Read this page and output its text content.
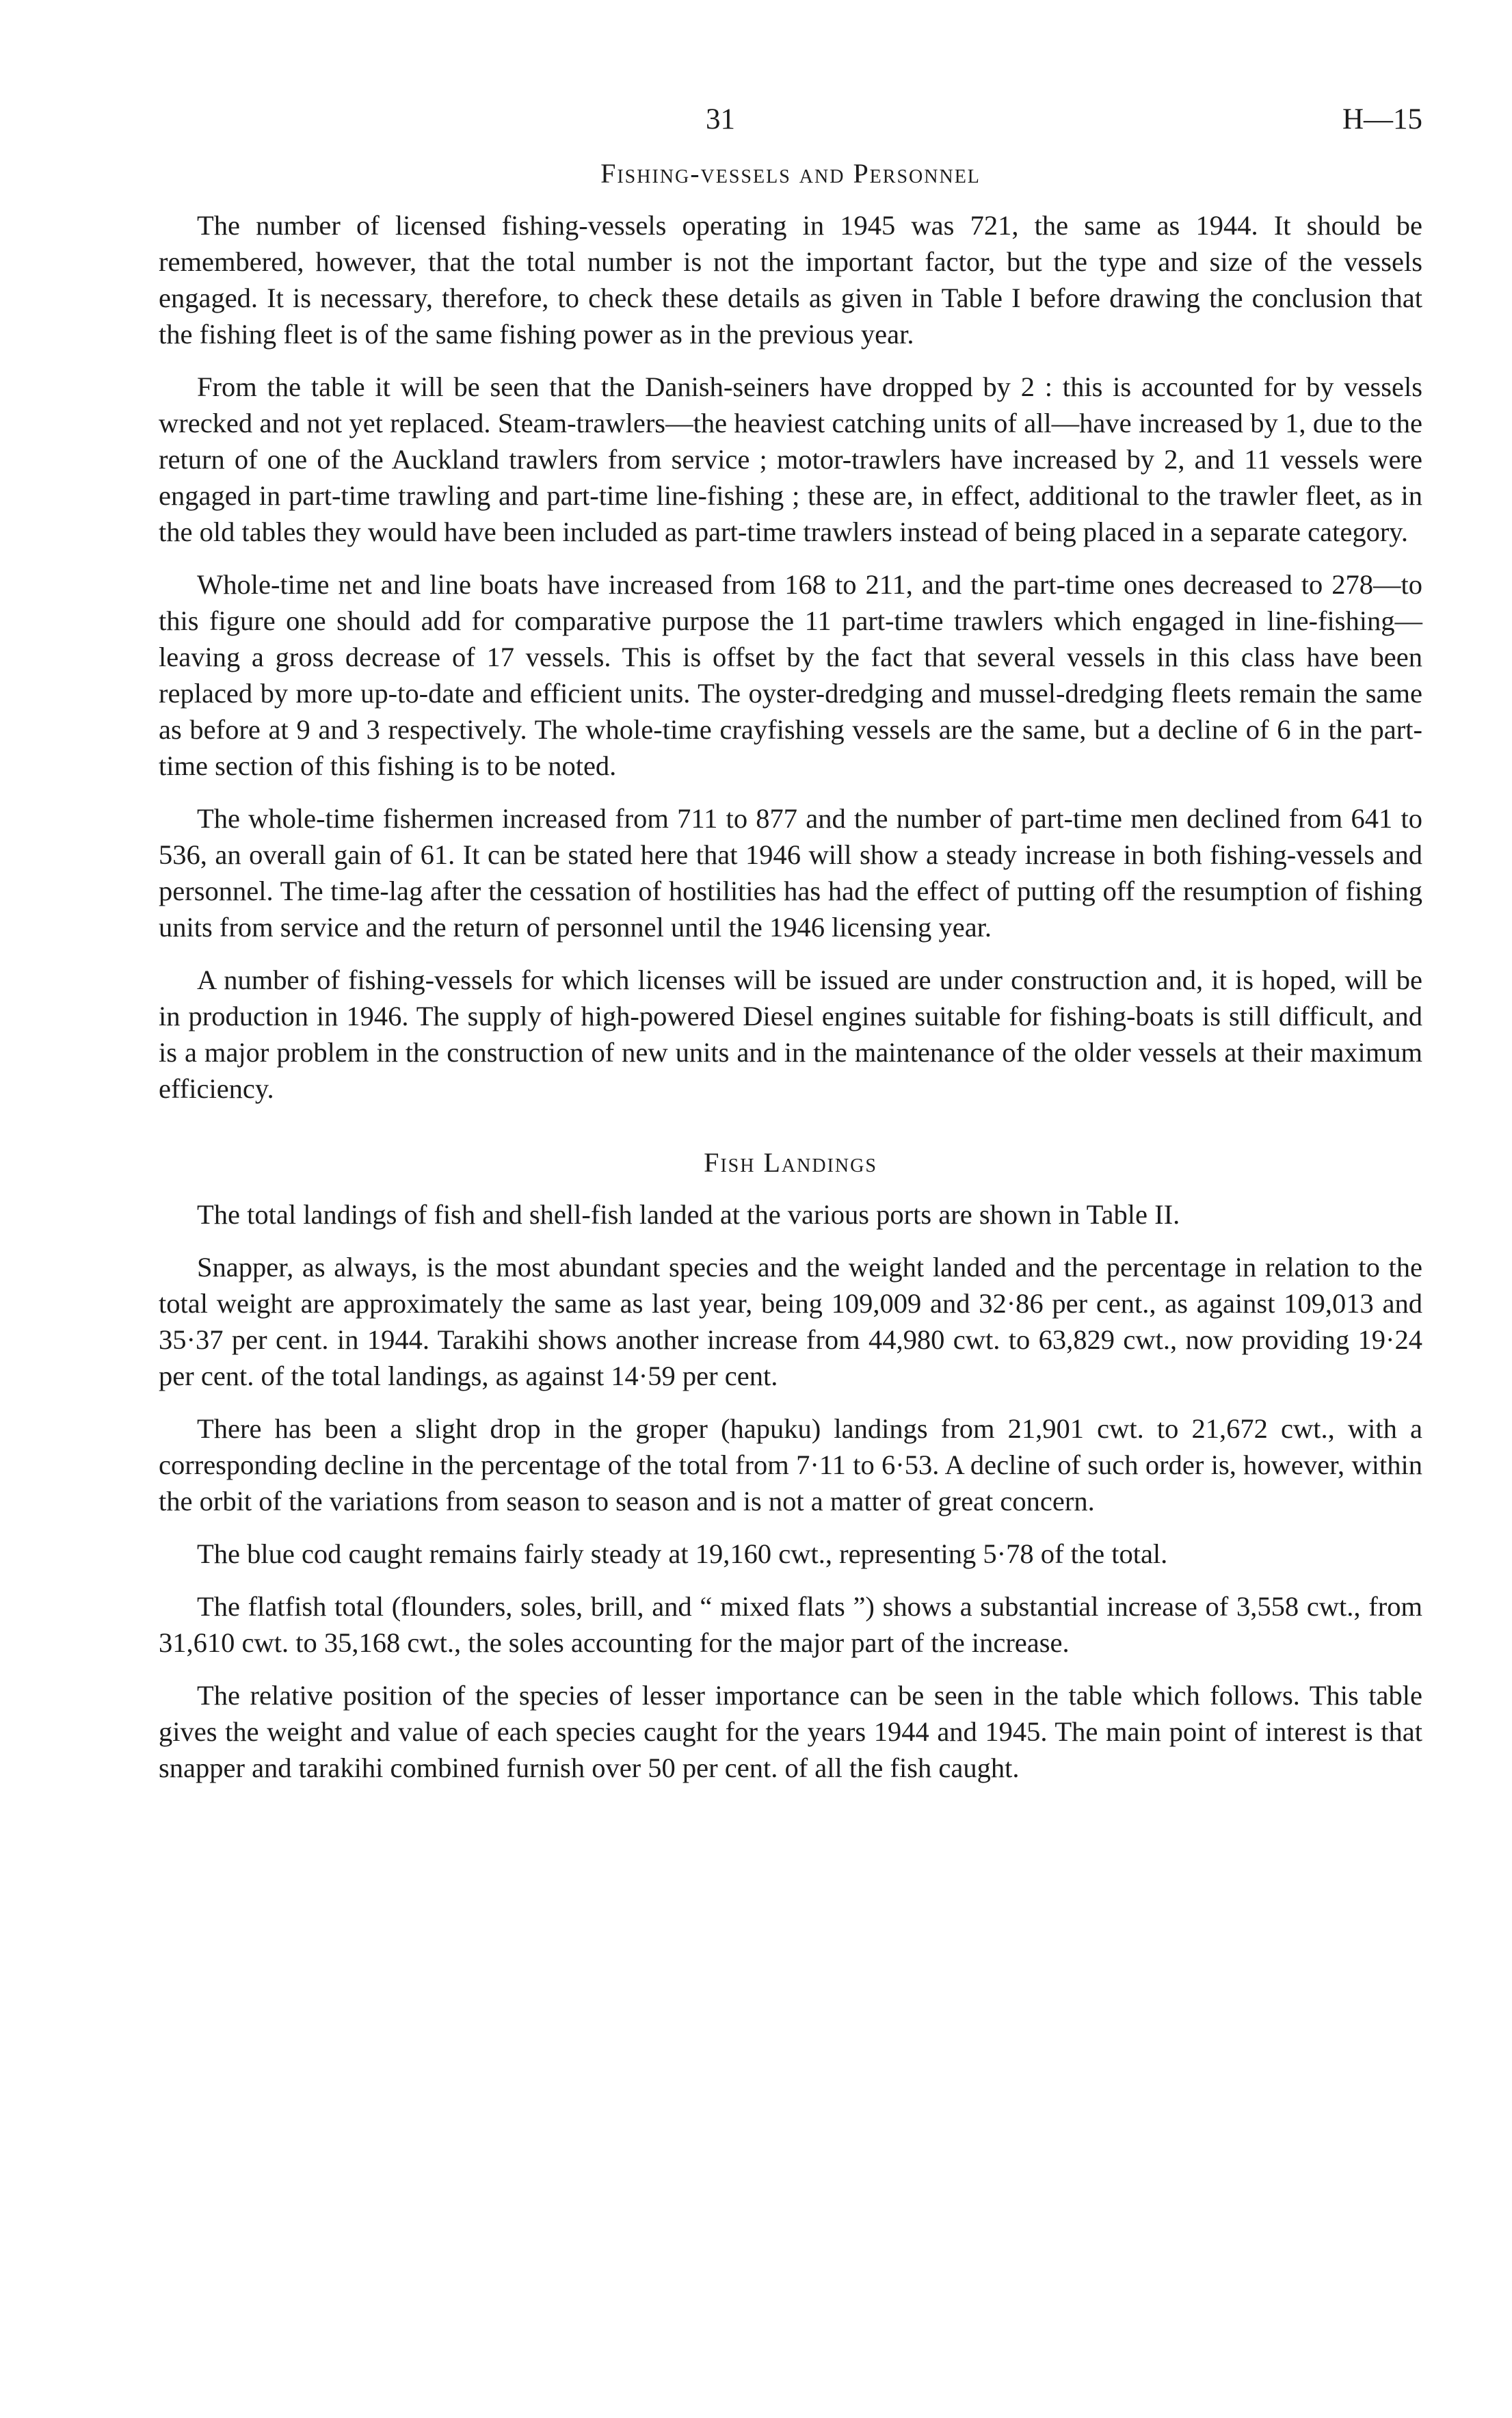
31	H—15
Fishing-vessels and Personnel

The number of licensed fishing-vessels operating in 1945 was 721, the same as 1944. It should be remembered, however, that the total number is not the important factor, but the type and size of the vessels engaged. It is necessary, therefore, to check these details as given in Table I before drawing the conclusion that the fishing fleet is of the same fishing power as in the previous year.

From the table it will be seen that the Danish-seiners have dropped by 2 : this is accounted for by vessels wrecked and not yet replaced. Steam-trawlers—the heaviest catching units of all—have increased by 1, due to the return of one of the Auckland trawlers from service ; motor-trawlers have increased by 2, and 11 vessels were engaged in part-time trawling and part-time line-fishing ; these are, in effect, additional to the trawler fleet, as in the old tables they would have been included as part-time trawlers instead of being placed in a separate category.

Whole-time net and line boats have increased from 168 to 211, and the part-time ones decreased to 278—to this figure one should add for comparative purpose the 11 part-time trawlers which engaged in line-fishing—leaving a gross decrease of 17 vessels. This is offset by the fact that several vessels in this class have been replaced by more up-to-date and efficient units. The oyster-dredging and mussel-dredging fleets remain the same as before at 9 and 3 respectively. The whole-time crayfishing vessels are the same, but a decline of 6 in the part-time section of this fishing is to be noted.

The whole-time fishermen increased from 711 to 877 and the number of part-time men declined from 641 to 536, an overall gain of 61. It can be stated here that 1946 will show a steady increase in both fishing-vessels and personnel. The time-lag after the cessation of hostilities has had the effect of putting off the resumption of fishing units from service and the return of personnel until the 1946 licensing year.

A number of fishing-vessels for which licenses will be issued are under construction and, it is hoped, will be in production in 1946. The supply of high-powered Diesel engines suitable for fishing-boats is still difficult, and is a major problem in the construction of new units and in the maintenance of the older vessels at their maximum efficiency.

Fish Landings

The total landings of fish and shell-fish landed at the various ports are shown in Table II.

Snapper, as always, is the most abundant species and the weight landed and the percentage in relation to the total weight are approximately the same as last year, being 109,009 and 32·86 per cent., as against 109,013 and 35·37 per cent. in 1944. Tarakihi shows another increase from 44,980 cwt. to 63,829 cwt., now providing 19·24 per cent. of the total landings, as against 14·59 per cent.

There has been a slight drop in the groper (hapuku) landings from 21,901 cwt. to 21,672 cwt., with a corresponding decline in the percentage of the total from 7·11 to 6·53. A decline of such order is, however, within the orbit of the variations from season to season and is not a matter of great concern.

The blue cod caught remains fairly steady at 19,160 cwt., representing 5·78 of the total.

The flatfish total (flounders, soles, brill, and “ mixed flats ”) shows a substantial increase of 3,558 cwt., from 31,610 cwt. to 35,168 cwt., the soles accounting for the major part of the increase.

The relative position of the species of lesser importance can be seen in the table which follows. This table gives the weight and value of each species caught for the years 1944 and 1945. The main point of interest is that snapper and tarakihi combined furnish over 50 per cent. of all the fish caught.
